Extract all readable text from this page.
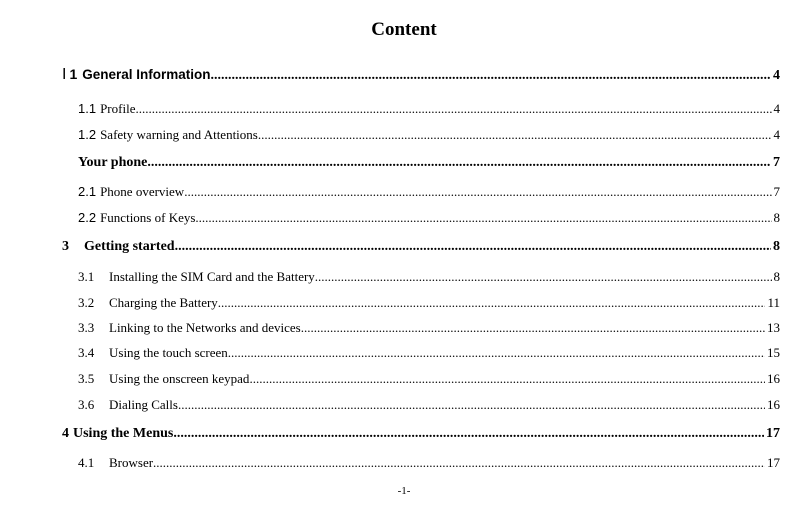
Content
Ⅰ 1 General Information .....	4
1.1 Profile .....	4
1.2 Safety warning and Attentions .....	4
Your phone .....	7
2.1 Phone overview .....	7
2.2 Functions of Keys .....	8
3	Getting started .....	8
3.1	Installing the SIM Card and the Battery .....	8
3.2	Charging the Battery .....	11
3.3	Linking to the Networks and devices .....	13
3.4	Using the touch screen .....	15
3.5	Using the onscreen keypad .....	16
3.6	Dialing Calls .....	16
4 Using the Menus .....	17
4.1	Browser .....	17
-1-
